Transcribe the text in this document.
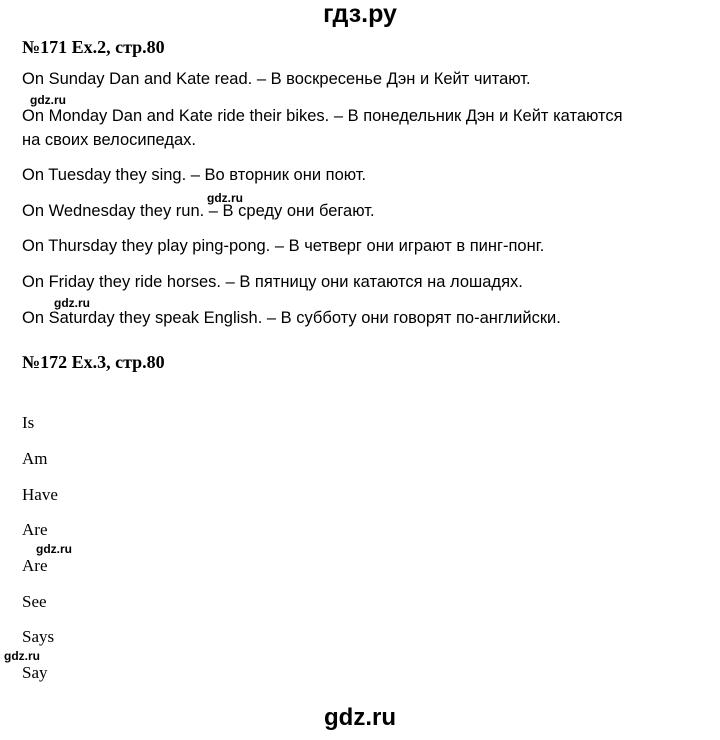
гдз.ру
№171 Ex.2, стр.80
On Sunday Dan and Kate read. – В воскресенье Дэн и Кейт читают.
On Monday Dan and Kate ride their bikes. – В понедельник Дэн и Кейт катаются
на своих велосипедах.
On Tuesday they sing. – Во вторник они поют.
On Wednesday they run. – В среду они бегают.
On Thursday they play ping-pong. – В четверг они играют в пинг-понг.
On Friday they ride horses. – В пятницу они катаются на лошадях.
On Saturday they speak English. – В субботу они говорят по-английски.
№172 Ex.3, стр.80
Is
Am
Have
Are
Are
See
Says
Say
gdz.ru
gdz.ru
gdz.ru
gdz.ru
gdz.ru
gdz.ru
